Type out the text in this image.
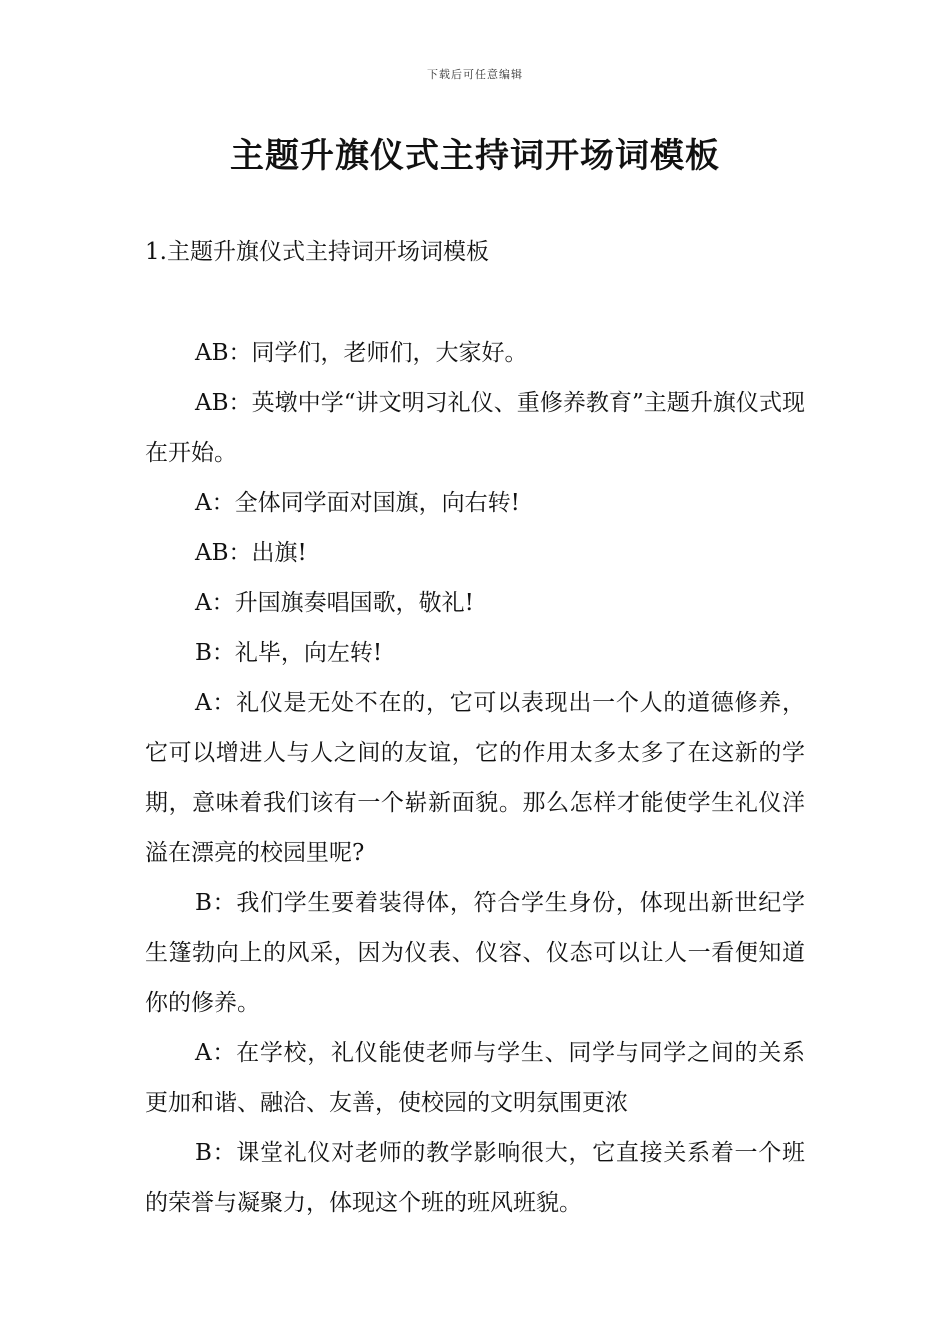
下载后可任意编辑
主题升旗仪式主持词开场词模板
1.主题升旗仪式主持词开场词模板

AB：同学们，老师们，大家好。

AB：英墩中学“讲文明习礼仪、重修养教育”主题升旗仪式现在开始。

A：全体同学面对国旗，向右转!

AB：出旗!

A：升国旗奏唱国歌，敬礼!

B：礼毕，向左转!

A：礼仪是无处不在的，它可以表现出一个人的道德修养，它可以增进人与人之间的友谊，它的作用太多太多了在这新的学期，意味着我们该有一个崭新面貌。那么怎样才能使学生礼仪洋溢在漂亮的校园里呢?

B：我们学生要着装得体，符合学生身份，体现出新世纪学生篷勃向上的风采，因为仪表、仪容、仪态可以让人一看便知道你的修养。

A：在学校，礼仪能使老师与学生、同学与同学之间的关系更加和谐、融洽、友善，使校园的文明氛围更浓

B：课堂礼仪对老师的教学影响很大，它直接关系着一个班的荣誉与凝聚力，体现这个班的班风班貌。
